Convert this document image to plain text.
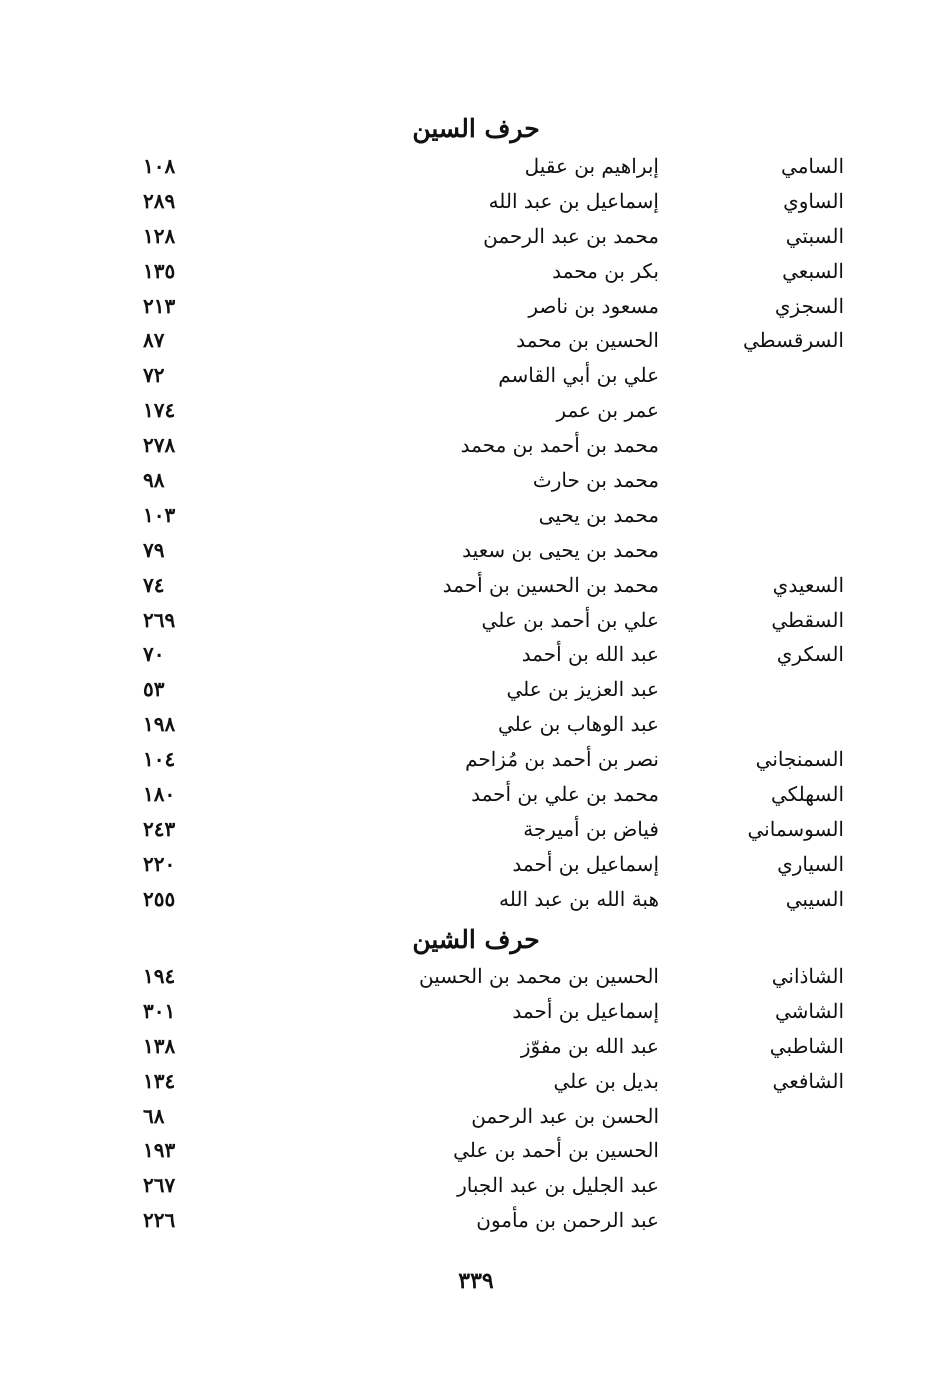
حرف السين
السامي
إبراهيم بن عقيل
١٠٨
الساوي
إسماعيل بن عبد الله
٢٨٩
السبتي
محمد بن عبد الرحمن
١٢٨
السبعي
بكر بن محمد
١٣٥
السجزي
مسعود بن ناصر
٢١٣
السرقسطي
الحسين بن محمد
٨٧
علي بن أبي القاسم
٧٢
عمر بن عمر
١٧٤
محمد بن أحمد بن محمد
٢٧٨
محمد بن حارث
٩٨
محمد بن يحيى
١٠٣
محمد بن يحيى بن سعيد
٧٩
السعيدي
محمد بن الحسين بن أحمد
٧٤
السقطي
علي بن أحمد بن علي
٢٦٩
السكري
عبد الله بن أحمد
٧٠
عبد العزيز بن علي
٥٣
عبد الوهاب بن علي
١٩٨
السمنجاني
نصر بن أحمد بن مُزاحم
١٠٤
السهلكي
محمد بن علي بن أحمد
١٨٠
السوسماني
فياض بن أميرجة
٢٤٣
السياري
إسماعيل بن أحمد
٢٢٠
السيبي
هبة الله بن عبد الله
٢٥٥
حرف الشين
الشاذاني
الحسين بن محمد بن الحسين
١٩٤
الشاشي
إسماعيل بن أحمد
٣٠١
الشاطبي
عبد الله بن مفوّز
١٣٨
الشافعي
بديل بن علي
١٣٤
الحسن بن عبد الرحمن
٦٨
الحسين بن أحمد بن علي
١٩٣
عبد الجليل بن عبد الجبار
٢٦٧
عبد الرحمن بن مأمون
٢٢٦
٣٣٩
